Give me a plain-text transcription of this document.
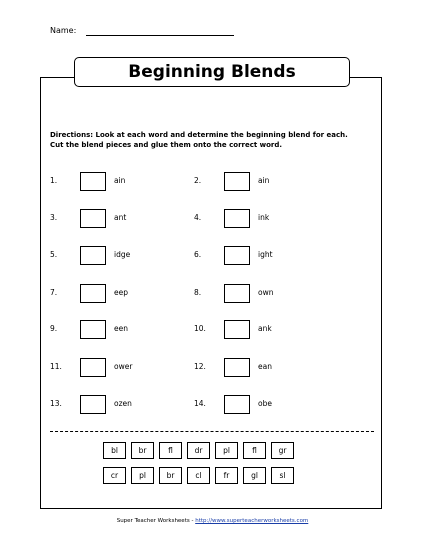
Name:
Beginning Blends
Directions: Look at each word and determine the beginning blend for each.
Cut the blend pieces and glue them onto the correct word.
1.	ain	2.	ain
3.	ant	4.	ink
5.	idge	6.	ight
7.	eep	8.	own
9.	een	10.	ank
11.	ower	12.	ean
13.	ozen	14.	obe
bl	br	fl	dr	pl	fl	gr
cr	pl	br	cl	fr	gl	sl
Super Teacher Worksheets - http://www.superteacherworksheets.com
